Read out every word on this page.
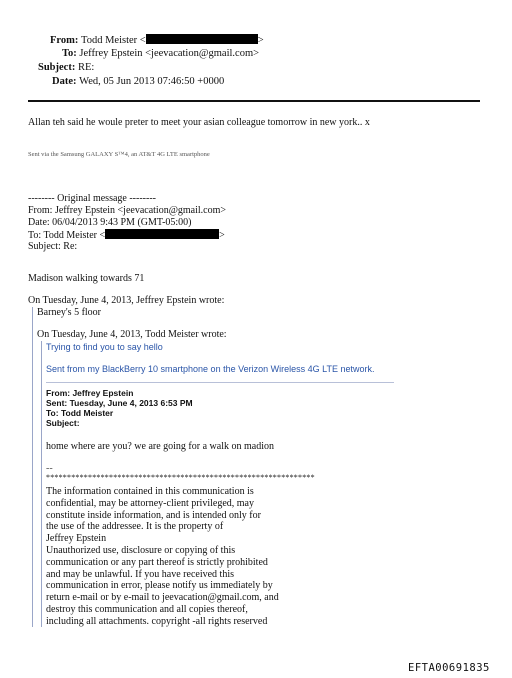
From: Todd Meister <	>
To: Jeffrey Epstein <jeevacation@gmail.com>
Subject: RE:
Date: Wed, 05 Jun 2013 07:46:50 +0000
Allan teh said he woule preter to meet your asian colleague tomorrow in new york.. x
Sent via the Samsung GALAXY S™4, an AT&T 4G LTE smartphone
-------- Original message --------
From: Jeffrey Epstein <jeevacation@gmail.com>
Date: 06/04/2013 9:43 PM (GMT-05:00)
To: Todd Meister <	>
Subject: Re:
Madison walking towards 71
On Tuesday, June 4, 2013, Jeffrey Epstein wrote:
Barney's 5 floor
On Tuesday, June 4, 2013, Todd Meister wrote:
Trying to find you to say hello
Sent from my BlackBerry 10 smartphone on the Verizon Wireless 4G LTE network.
From: Jeffrey Epstein
Sent: Tuesday, June 4, 2013 6:53 PM
To: Todd Meister
Subject:
home where are you? we are going for a walk on madion
--
****************************************************************
The information contained in this communication is
confidential, may be attorney-client privileged, may
constitute inside information, and is intended only for
the use of the addressee. It is the property of
Jeffrey Epstein
Unauthorized use, disclosure or copying of this
communication or any part thereof is strictly prohibited
and may be unlawful. If you have received this
communication in error, please notify us immediately by
return e-mail or by e-mail to jeevacation@gmail.com, and
destroy this communication and all copies thereof,
including all attachments. copyright -all rights reserved
EFTA00691835
